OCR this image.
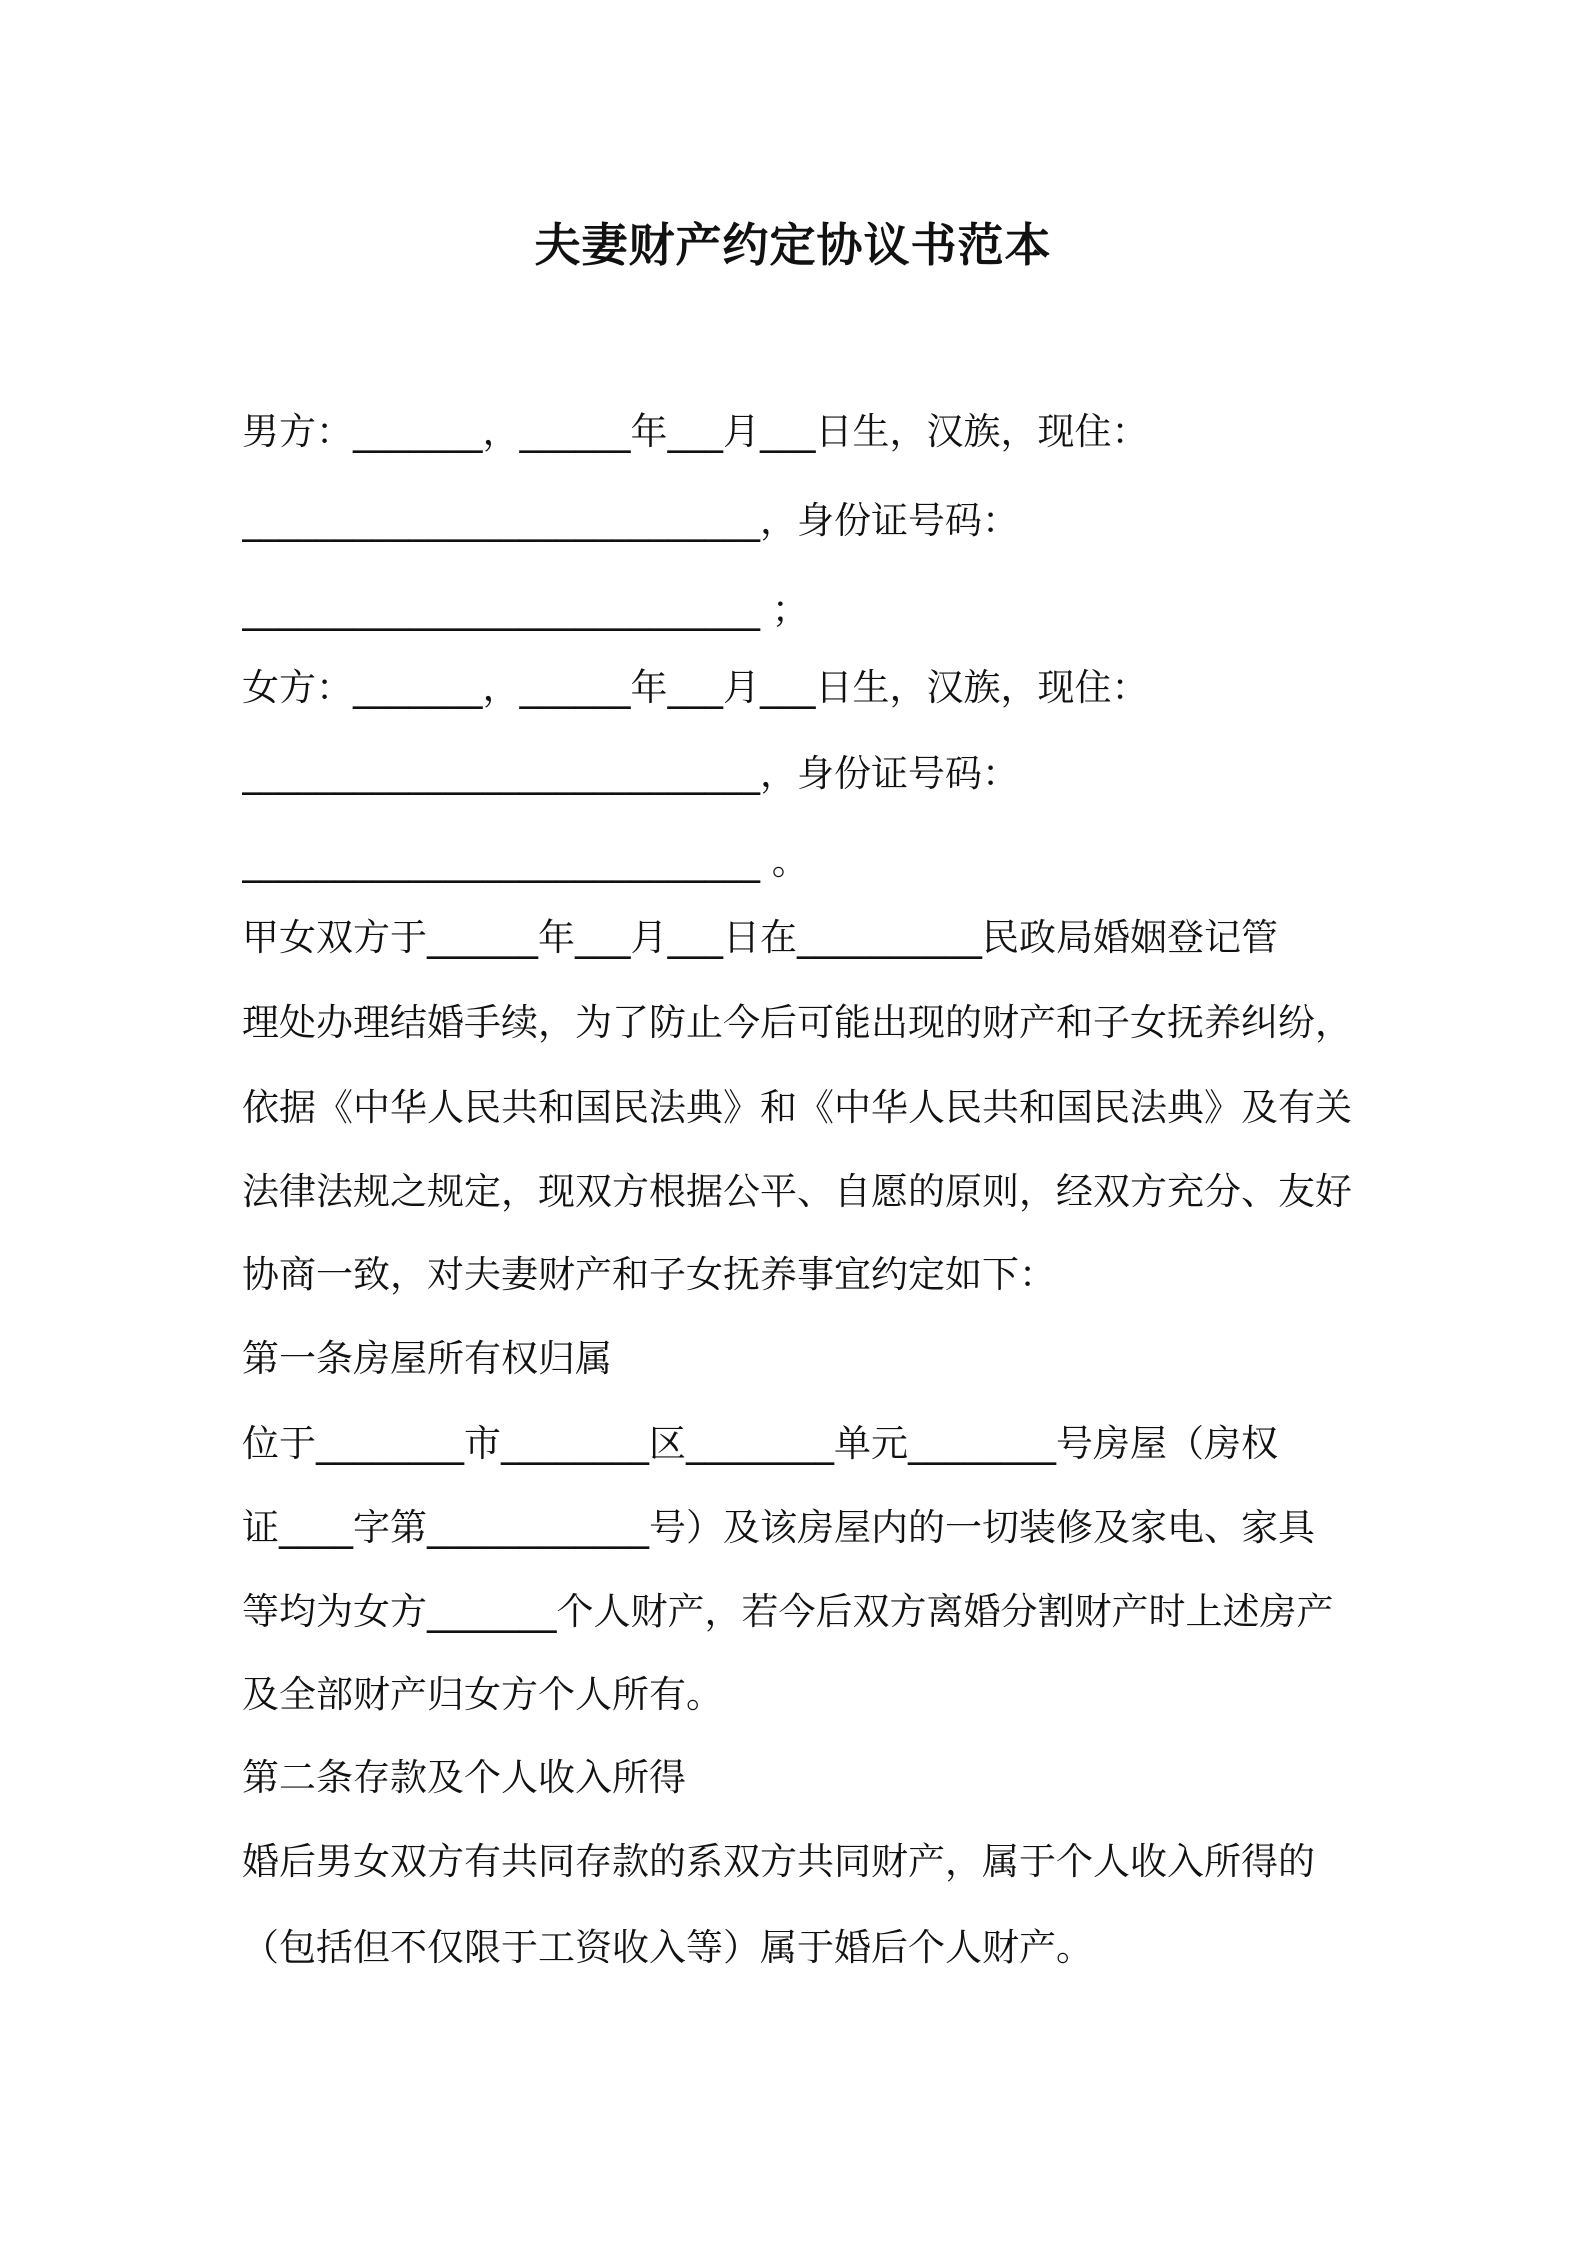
夫妻财产约定协议书范本
男方：_______，______年___月___日生，汉族，现住：
____________________________，身份证号码：
____________________________ ；
女方：_______，______年___月___日生，汉族，现住：
____________________________，身份证号码：
____________________________ 。
甲女双方于______年___月___日在__________民政局婚姻登记管
理处办理结婚手续，为了防止今后可能出现的财产和子女抚养纠纷，
依据《中华人民共和国民法典》和《中华人民共和国民法典》及有关
法律法规之规定，现双方根据公平、自愿的原则，经双方充分、友好
协商一致，对夫妻财产和子女抚养事宜约定如下：
第一条房屋所有权归属
位于________市________区________单元________号房屋（房权
证____字第____________号）及该房屋内的一切装修及家电、家具
等均为女方_______个人财产，若今后双方离婚分割财产时上述房产
及全部财产归女方个人所有。
第二条存款及个人收入所得
婚后男女双方有共同存款的系双方共同财产，属于个人收入所得的
（包括但不仅限于工资收入等）属于婚后个人财产。
